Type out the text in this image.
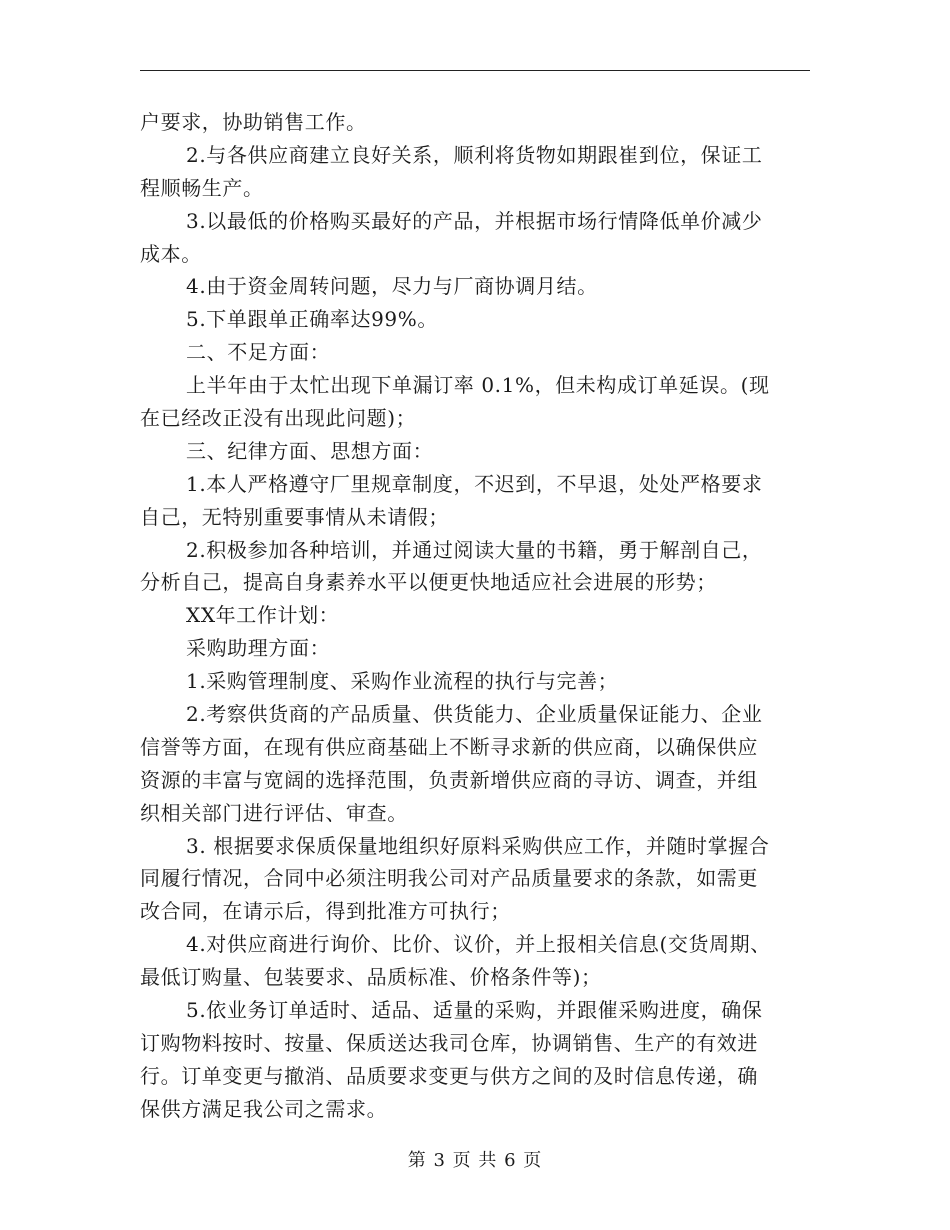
户要求，协助销售工作。
2.与各供应商建立良好关系，顺利将货物如期跟崔到位，保证工
程顺畅生产。
3.以最低的价格购买最好的产品，并根据市场行情降低单价减少
成本。
4.由于资金周转问题，尽力与厂商协调月结。
5.下单跟单正确率达99%。
二、不足方面：
上半年由于太忙出现下单漏订率 0.1%，但未构成订单延误。(现
在已经改正没有出现此问题)；
三、纪律方面、思想方面：
1.本人严格遵守厂里规章制度，不迟到，不早退，处处严格要求
自己，无特别重要事情从未请假；
2.积极参加各种培训，并通过阅读大量的书籍，勇于解剖自己，
分析自己，提高自身素养水平以便更快地适应社会进展的形势；
XX年工作计划：
采购助理方面：
1.采购管理制度、采购作业流程的执行与完善；
2.考察供货商的产品质量、供货能力、企业质量保证能力、企业
信誉等方面，在现有供应商基础上不断寻求新的供应商，以确保供应
资源的丰富与宽阔的选择范围，负责新增供应商的寻访、调查，并组
织相关部门进行评估、审查。
3. 根据要求保质保量地组织好原料采购供应工作，并随时掌握合
同履行情况，合同中必须注明我公司对产品质量要求的条款，如需更
改合同，在请示后，得到批准方可执行；
4.对供应商进行询价、比价、议价，并上报相关信息(交货周期、
最低订购量、包装要求、品质标准、价格条件等)；
5.依业务订单适时、适品、适量的采购，并跟催采购进度，确保
订购物料按时、按量、保质送达我司仓库，协调销售、生产的有效进
行。订单变更与撤消、品质要求变更与供方之间的及时信息传递，确
保供方满足我公司之需求。
第 3 页 共 6 页
